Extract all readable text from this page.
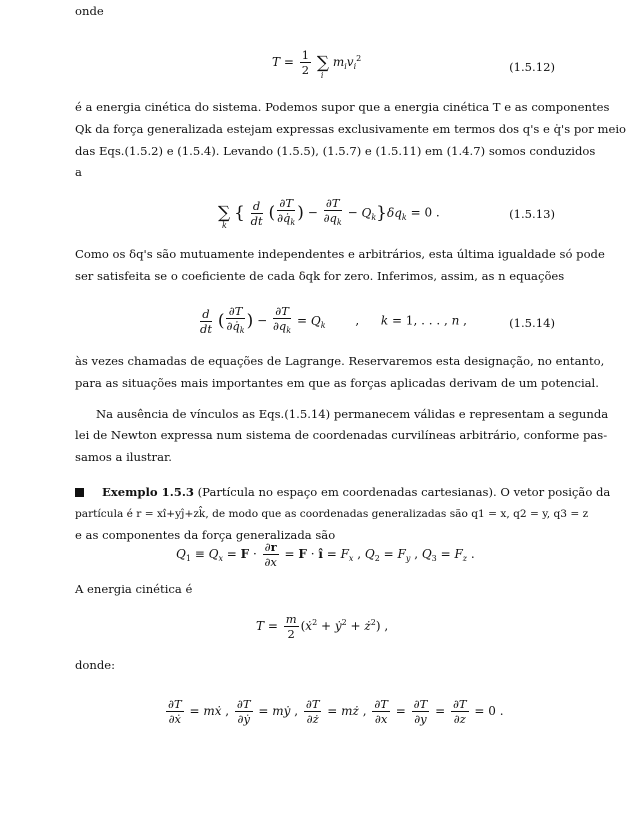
onde
$T = \frac{1}{2}$ ∑
i
$m_iv_i^2$
(1.5.12)
é a energia cinética do sistema. Podemos supor que a energia cinética T e as componentes
Qk da força generalizada estejam expressas exclusivamente em termos dos q's e q̇'s por meio
das Eqs.(1.5.2) e (1.5.4). Levando (1.5.5), (1.5.7) e (1.5.11) em (1.4.7) somos conduzidos
a
∑
k
{ $\frac{d}{dt}$ ( $\frac{\partial T}{\partial q̇_k}$ ) − $\frac{\partial T}{\partial q_k} - Q_k\}\delta q_k = 0$ .	(1.5.13)
Como os δq's são mutuamente independentes e arbitrários, esta última igualdade só pode
ser satisfeita se o coeficiente de cada δqk for zero. Inferimos, assim, as n equações
$\frac{d}{dt}$ ( $\frac{\partial T}{\partial q̇_k}$ ) − $\frac{\partial T}{\partial q_k} = Q_k$ ,  k = 1, . . . , n ,	(1.5.14)
às vezes chamadas de equações de Lagrange. Reservaremos esta designação, no entanto,
para as situações mais importantes em que as forças aplicadas derivam de um potencial.
Na ausência de vínculos as Eqs.(1.5.14) permanecem válidas e representam a segunda
lei de Newton expressa num sistema de coordenadas curvilíneas arbitrário, conforme pas-
samos a ilustrar.
Exemplo 1.5.3 (Partícula no espaço em coordenadas cartesianas). O vetor posição da
partícula é r = xî+yĵ+zk̂, de modo que as coordenadas generalizadas são q1 = x, q2 = y, q3 = z
e as componentes da força generalizada são
$Q_1 \equiv Q_x = F \cdot \frac{\partial r}{\partial x} = F$ · î = $F_x$ , $Q_2 = F_y$ , $Q_3 = F_z$ .
A energia cinética é
$T = \frac{m}{2}$ (ẋ$^2$ + ẏ$^2$ + $ż^2$) ,
donde:
$\frac{\partial T}{\text{∂ẋ}}$ = mẋ , $\frac{\partial T}{\text{∂ẏ}}$ = mẏ , $\frac{\partial T}{\partial ż}$ = mż , $\frac{\partial T}{\partial x} = \frac{\partial T}{\partial y} = \frac{\partial T}{\partial z} = 0$ .
